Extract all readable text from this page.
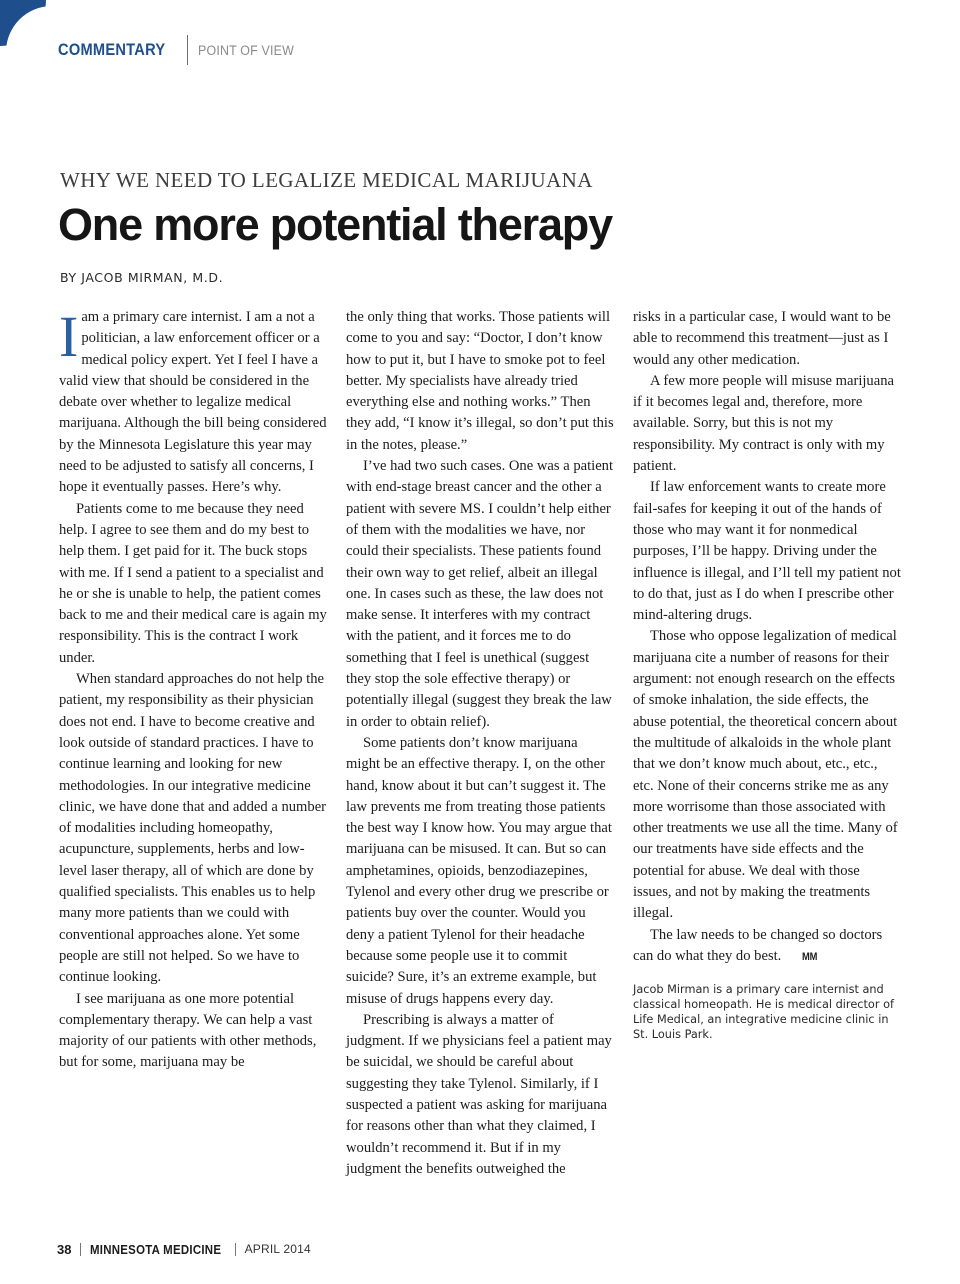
COMMENTARY POINT OF VIEW
WHY WE NEED TO LEGALIZE MEDICAL MARIJUANA
One more potential therapy
BY JACOB MIRMAN, M.D.

Iam a primary care internist. I am a not a politician, a law enforcement officer or a medical policy expert. Yet I feel I have a valid view that should be considered in the debate over whether to legalize medical marijuana. Although the bill being considered by the Minnesota Legislature this year may need to be adjusted to satisfy all concerns, I hope it eventually passes. Here’s why.

Patients come to me because they need help. I agree to see them and do my best to help them. I get paid for it. The buck stops with me. If I send a patient to a specialist and he or she is unable to help, the patient comes back to me and their medical care is again my responsibility. This is the contract I work under.

When standard approaches do not help the patient, my responsibility as their physician does not end. I have to become creative and look outside of standard practices. I have to continue learning and looking for new methodologies. In our integrative medicine clinic, we have done that and added a number of modalities including homeopathy, acupuncture, supplements, herbs and low-level laser therapy, all of which are done by qualified specialists. This enables us to help many more patients than we could with conventional approaches alone. Yet some people are still not helped. So we have to continue looking.

I see marijuana as one more potential complementary therapy. We can help a vast majority of our patients with other methods, but for some, marijuana may be

the only thing that works. Those patients will come to you and say: “Doctor, I don’t know how to put it, but I have to smoke pot to feel better. My specialists have already tried everything else and nothing works.” Then they add, “I know it’s illegal, so don’t put this in the notes, please.”

I’ve had two such cases. One was a patient with end-stage breast cancer and the other a patient with severe MS. I couldn’t help either of them with the modalities we have, nor could their specialists. These patients found their own way to get relief, albeit an illegal one. In cases such as these, the law does not make sense. It interferes with my contract with the patient, and it forces me to do something that I feel is unethical (suggest they stop the sole effective therapy) or potentially illegal (suggest they break the law in order to obtain relief).

Some patients don’t know marijuana might be an effective therapy. I, on the other hand, know about it but can’t suggest it. The law prevents me from treating those patients the best way I know how. You may argue that marijuana can be misused. It can. But so can amphetamines, opioids, benzodiazepines, Tylenol and every other drug we prescribe or patients buy over the counter. Would you deny a patient Tylenol for their headache because some people use it to commit suicide? Sure, it’s an extreme example, but misuse of drugs happens every day.

Prescribing is always a matter of judgment. If we physicians feel a patient may be suicidal, we should be careful about suggesting they take Tylenol. Similarly, if I suspected a patient was asking for marijuana for reasons other than what they claimed, I wouldn’t recommend it. But if in my judgment the benefits outweighed the

risks in a particular case, I would want to be able to recommend this treatment—just as I would any other medication.

A few more people will misuse marijuana if it becomes legal and, therefore, more available. Sorry, but this is not my responsibility. My contract is only with my patient.

If law enforcement wants to create more fail-safes for keeping it out of the hands of those who may want it for nonmedical purposes, I’ll be happy. Driving under the influence is illegal, and I’ll tell my patient not to do that, just as I do when I prescribe other mind-altering drugs.

Those who oppose legalization of medical marijuana cite a number of reasons for their argument: not enough research on the effects of smoke inhalation, the side effects, the abuse potential, the theoretical concern about the multitude of alkaloids in the whole plant that we don’t know much about, etc., etc., etc. None of their concerns strike me as any more worrisome than those associated with other treatments we use all the time. Many of our treatments have side effects and the potential for abuse. We deal with those issues, and not by making the treatments illegal.

The law needs to be changed so doctors can do what they do best. MM

Jacob Mirman is a primary care internist and classical homeopath. He is medical director of Life Medical, an integrative medicine clinic in St. Louis Park.
38 MINNESOTA MEDICINE APRIL 2014
